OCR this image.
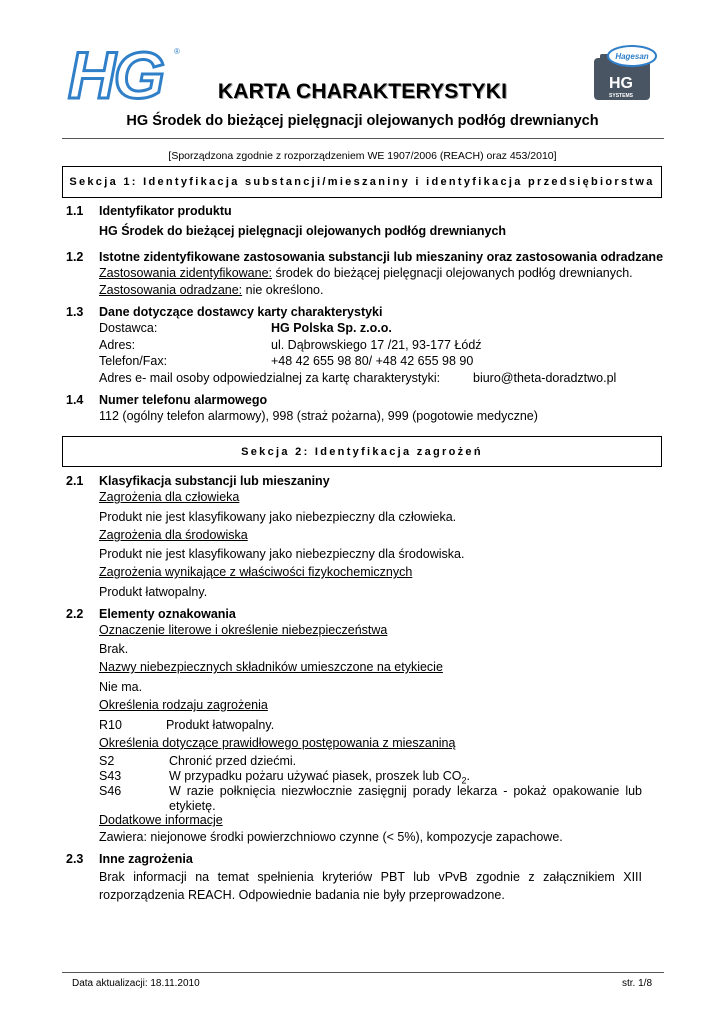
HG ®
KARTA CHARAKTERYSTYKI
Hagesan
HG
SYSTEMS
HG Środek do bieżącej pielęgnacji olejowanych podłóg drewnianych
[Sporządzona zgodnie z rozporządzeniem WE 1907/2006 (REACH) oraz 453/2010]
Sekcja 1: Identyfikacja substancji/mieszaniny i identyfikacja przedsiębiorstwa
1.1 Identyfikator produktu
HG Środek do bieżącej pielęgnacji olejowanych podłóg drewnianych
1.2 Istotne zidentyfikowane zastosowania substancji lub mieszaniny oraz zastosowania odradzane
Zastosowania zidentyfikowane: środek do bieżącej pielęgnacji olejowanych podłóg drewnianych.
Zastosowania odradzane: nie określono.
1.3 Dane dotyczące dostawcy karty charakterystyki
Dostawca:	HG Polska Sp. z.o.o.
Adres:	ul. Dąbrowskiego 17 /21, 93-177 Łódź
Telefon/Fax:	+48 42 655 98 80/ +48 42 655 98 90
Adres e- mail osoby odpowiedzialnej za kartę charakterystyki:	biuro@theta-doradztwo.pl
1.4 Numer telefonu alarmowego
112 (ogólny telefon alarmowy), 998 (straż pożarna), 999 (pogotowie medyczne)
Sekcja 2: Identyfikacja zagrożeń
2.1 Klasyfikacja substancji lub mieszaniny
Zagrożenia dla człowieka
Produkt nie jest klasyfikowany jako niebezpieczny dla człowieka.
Zagrożenia dla środowiska
Produkt nie jest klasyfikowany jako niebezpieczny dla środowiska.
Zagrożenia wynikające z właściwości fizykochemicznych
Produkt łatwopalny.
2.2 Elementy oznakowania
Oznaczenie literowe i określenie niebezpieczeństwa
Brak.
Nazwy niebezpiecznych składników umieszczone na etykiecie
Nie ma.
Określenia rodzaju zagrożenia
R10	Produkt łatwopalny.
Określenia dotyczące prawidłowego postępowania z mieszaniną
S2	Chronić przed dziećmi.
S43	W przypadku pożaru używać piasek, proszek lub $CO_2$.
S46	W razie połknięcia niezwłocznie zasięgnij porady lekarza - pokaż opakowanie lub etykietę.
Dodatkowe informacje
Zawiera: niejonowe środki powierzchniowo czynne (< 5%), kompozycje zapachowe.
2.3 Inne zagrożenia
Brak informacji na temat spełnienia kryteriów PBT lub vPvB zgodnie z załącznikiem XIII rozporządzenia REACH. Odpowiednie badania nie były przeprowadzone.
Data aktualizacji: 18.11.2010	str. 1/8
